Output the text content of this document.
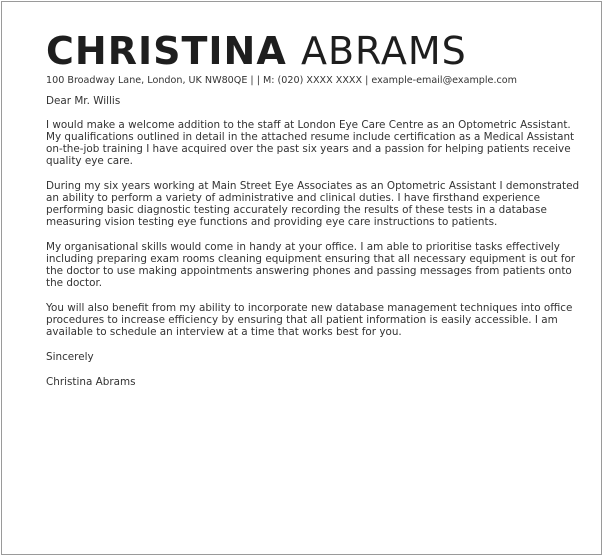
CHRISTINA ABRAMS
100 Broadway Lane, London, UK NW80QE | | M: (020) XXXX XXXX | example-email@example.com

Dear Mr. Willis

I would make a welcome addition to the staff at London Eye Care Centre as an Optometric Assistant. My qualifications outlined in detail in the attached resume include certification as a Medical Assistant on-the-job training I have acquired over the past six years and a passion for helping patients receive quality eye care.

During my six years working at Main Street Eye Associates as an Optometric Assistant I demonstrated an ability to perform a variety of administrative and clinical duties. I have firsthand experience performing basic diagnostic testing accurately recording the results of these tests in a database measuring vision testing eye functions and providing eye care instructions to patients.

My organisational skills would come in handy at your office. I am able to prioritise tasks effectively including preparing exam rooms cleaning equipment ensuring that all necessary equipment is out for the doctor to use making appointments answering phones and passing messages from patients onto the doctor.

You will also benefit from my ability to incorporate new database management techniques into office procedures to increase efficiency by ensuring that all patient information is easily accessible. I am available to schedule an interview at a time that works best for you.

Sincerely

Christina Abrams
